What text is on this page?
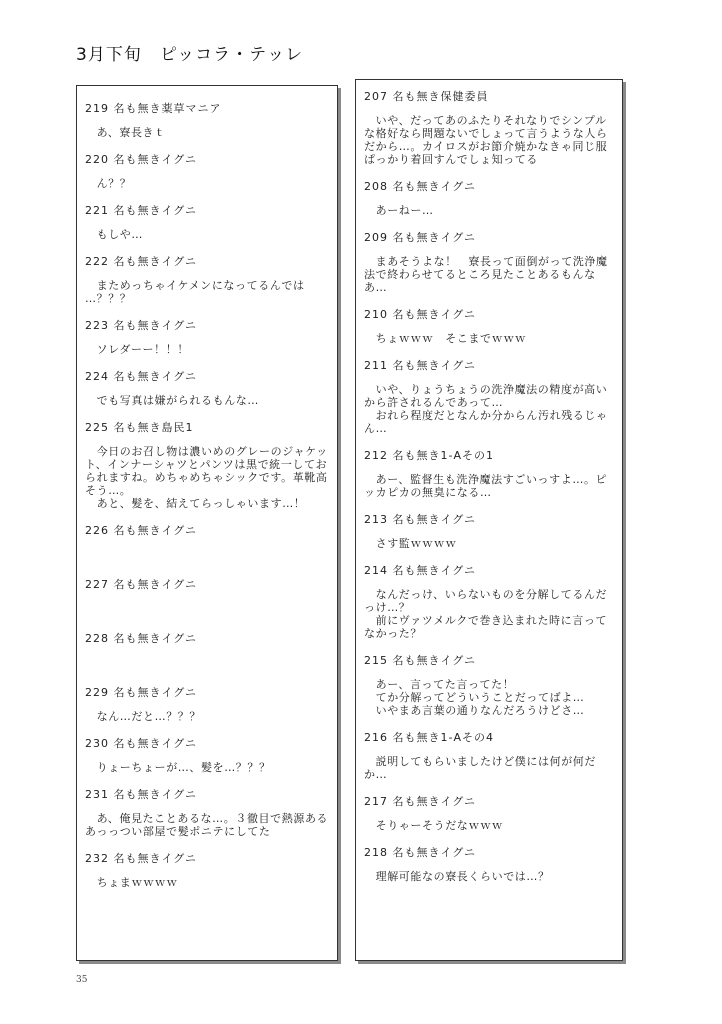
3月下旬　ピッコラ・テッレ
219 名も無き薬草マニア
　あ、寮長きｔ
220 名も無きイグニ
　ん？？
221 名も無きイグニ
　もしや…
222 名も無きイグニ
　まためっちゃイケメンになってるんでは
…？？？
223 名も無きイグニ
　ソレダーー！！！
224 名も無きイグニ
　でも写真は嫌がられるもんな…
225 名も無き島民1
　今日のお召し物は濃いめのグレーのジャケット、インナーシャツとパンツは黒で統一しておられますね。めちゃめちゃシックです。革靴高そう…。
　あと、髪を、結えてらっしゃいます…！
226 名も無きイグニ
227 名も無きイグニ
228 名も無きイグニ
229 名も無きイグニ
　なん…だと…？？？
230 名も無きイグニ
　りょーちょーが…、髪を…？？？
231 名も無きイグニ
　あ、俺見たことあるな…。３徹目で熱源あるあっっつい部屋で髪ポニテにしてた
232 名も無きイグニ
　ちょまｗｗｗｗ
207 名も無き保健委員
　いや、だってあのふたりそれなりでシンプルな格好なら問題ないでしょって言うような人らだから…。カイロスがお節介焼かなきゃ同じ服ぱっかり着回すんでしょ知ってる
208 名も無きイグニ
　あーねー…
209 名も無きイグニ
　まあそうよな！　寮長って面倒がって洗浄魔法で終わらせてるところ見たことあるもんなあ…
210 名も無きイグニ
　ちょｗｗｗ　そこまでｗｗｗ
211 名も無きイグニ
　いや、りょうちょうの洗浄魔法の精度が高いから許されるんであって…
　おれら程度だとなんか分からん汚れ残るじゃん…
212 名も無き1-Aその1
　あー、監督生も洗浄魔法すごいっすよ…。ピッカピカの無臭になる…
213 名も無きイグニ
　さす監ｗｗｗｗ
214 名も無きイグニ
　なんだっけ、いらないものを分解してるんだっけ…？
　前にヴァツメルクで巻き込まれた時に言ってなかった？
215 名も無きイグニ
　あー、言ってた言ってた！
　てか分解ってどういうことだってばよ…
　いやまあ言葉の通りなんだろうけどさ…
216 名も無き1-Aその4
　説明してもらいましたけど僕には何が何だか…
217 名も無きイグニ
　そりゃーそうだなｗｗｗ
218 名も無きイグニ
　理解可能なの寮長くらいでは…？
35
